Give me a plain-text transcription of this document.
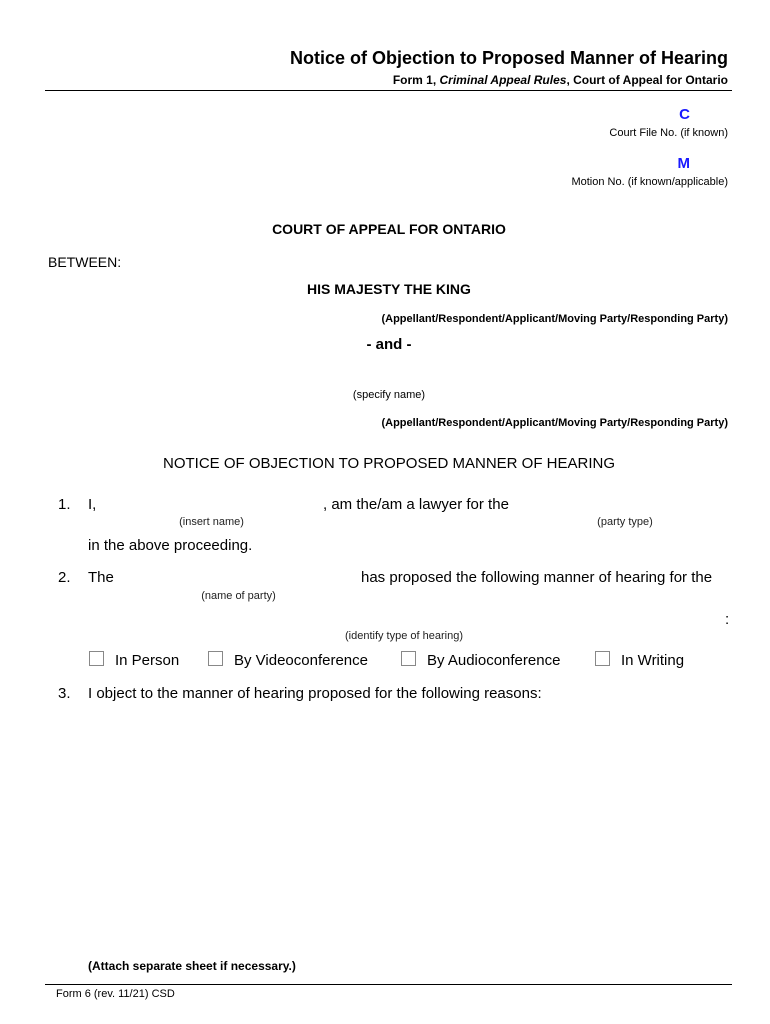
Notice of Objection to Proposed Manner of Hearing
Form 1, Criminal Appeal Rules, Court of Appeal for Ontario
C
Court File No. (if known)
M
Motion No. (if known/applicable)
COURT OF APPEAL FOR ONTARIO
BETWEEN:
HIS MAJESTY THE KING
(Appellant/Respondent/Applicant/Moving Party/Responding Party)
- and -
(specify name)
(Appellant/Respondent/Applicant/Moving Party/Responding Party)
NOTICE OF OBJECTION TO PROPOSED MANNER OF HEARING
1. I,	, am the/am a lawyer for the
(insert name)	(party type)
in the above proceeding.
2. The	has proposed the following manner of hearing for the
(name of party)
:
(identify type of hearing)
In Person	By Videoconference	By Audioconference	In Writing
3. I object to the manner of hearing proposed for the following reasons:
(Attach separate sheet if necessary.)
Form 6 (rev. 11/21) CSD
